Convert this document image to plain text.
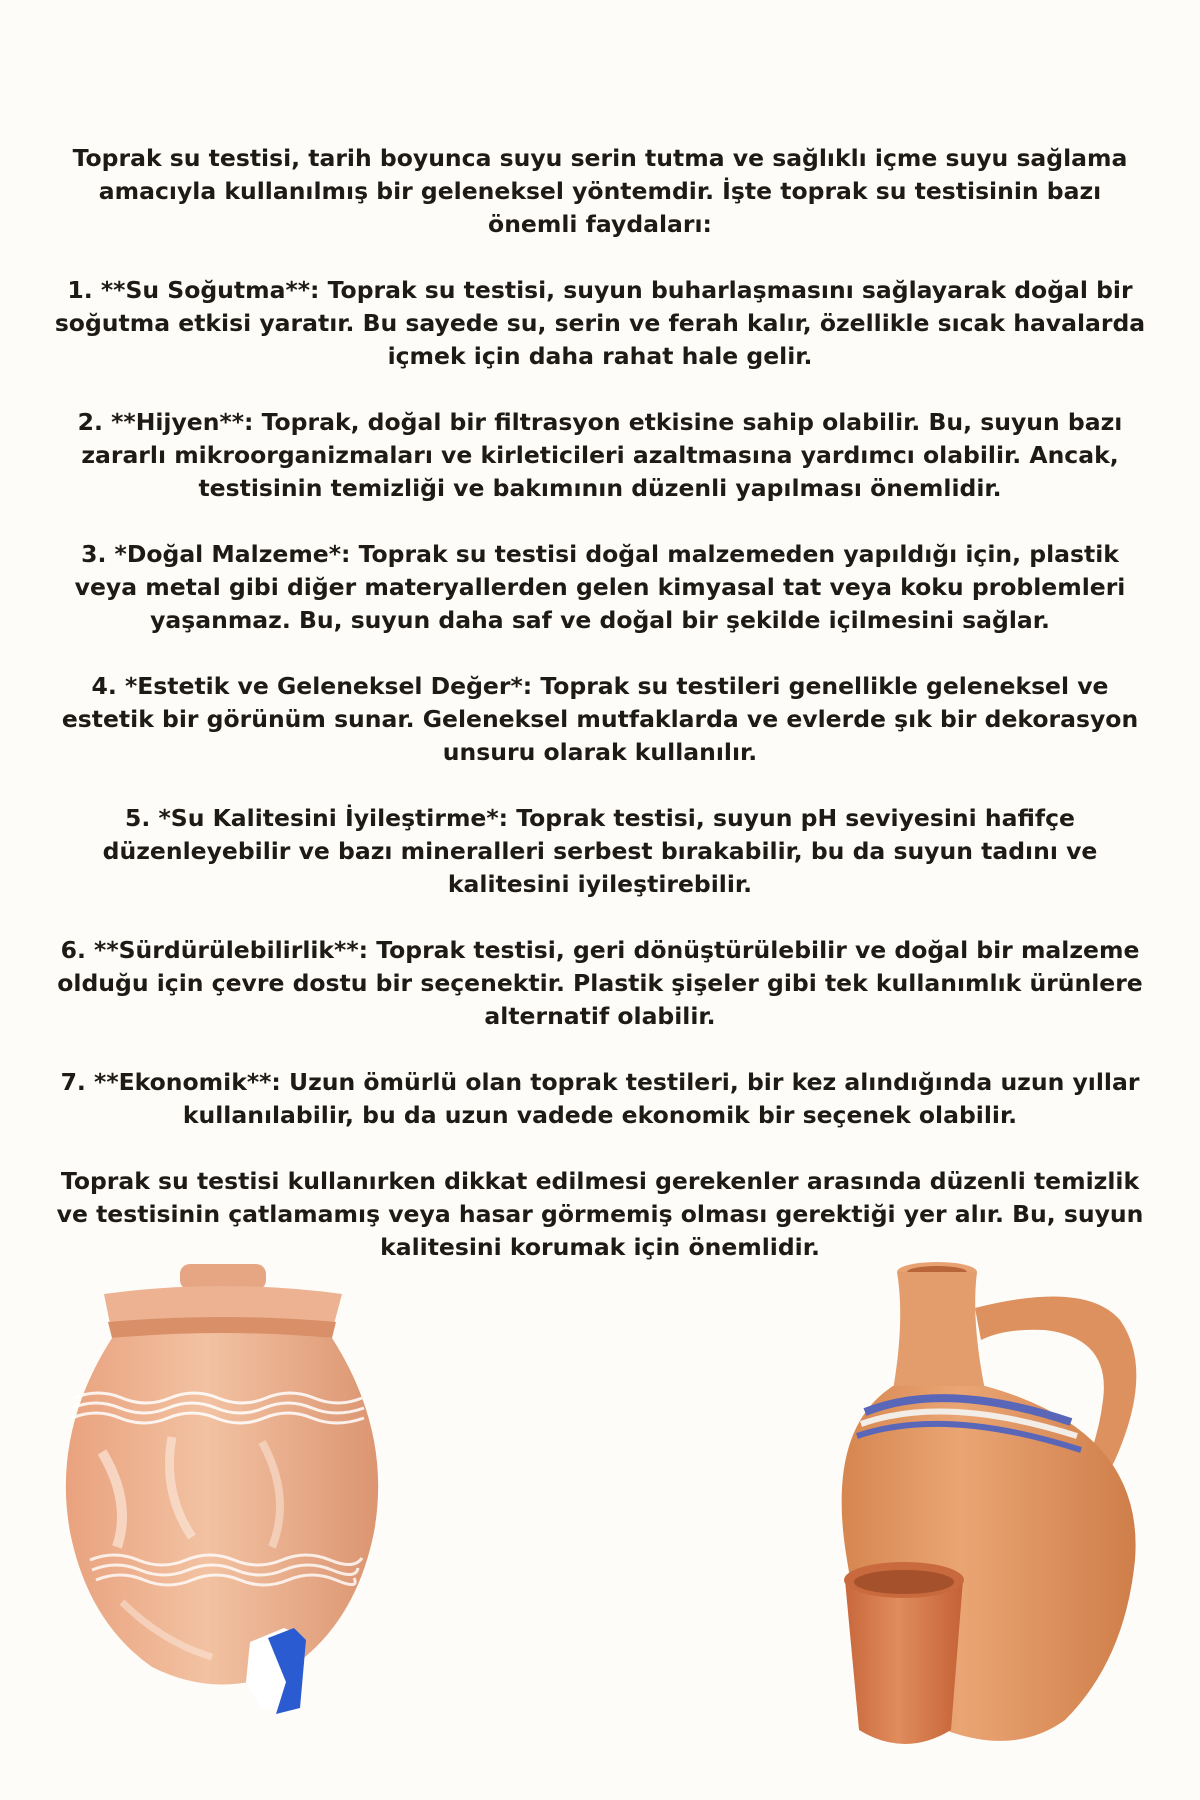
Toprak su testisi, tarih boyunca suyu serin tutma ve sağlıklı içme suyu sağlama amacıyla kullanılmış bir geleneksel yöntemdir. İşte toprak su testisinin bazı önemli faydaları:

1. **Su Soğutma**: Toprak su testisi, suyun buharlaşmasını sağlayarak doğal bir soğutma etkisi yaratır. Bu sayede su, serin ve ferah kalır, özellikle sıcak havalarda içmek için daha rahat hale gelir.

2. **Hijyen**: Toprak, doğal bir filtrasyon etkisine sahip olabilir. Bu, suyun bazı zararlı mikroorganizmaları ve kirleticileri azaltmasına yardımcı olabilir. Ancak, testisinin temizliği ve bakımının düzenli yapılması önemlidir.

3. *Doğal Malzeme*: Toprak su testisi doğal malzemeden yapıldığı için, plastik veya metal gibi diğer materyallerden gelen kimyasal tat veya koku problemleri yaşanmaz. Bu, suyun daha saf ve doğal bir şekilde içilmesini sağlar.

4. *Estetik ve Geleneksel Değer*: Toprak su testileri genellikle geleneksel ve estetik bir görünüm sunar. Geleneksel mutfaklarda ve evlerde şık bir dekorasyon unsuru olarak kullanılır.

5. *Su Kalitesini İyileştirme*: Toprak testisi, suyun pH seviyesini hafifçe düzenleyebilir ve bazı mineralleri serbest bırakabilir, bu da suyun tadını ve kalitesini iyileştirebilir.

6. **Sürdürülebilirlik**: Toprak testisi, geri dönüştürülebilir ve doğal bir malzeme olduğu için çevre dostu bir seçenektir. Plastik şişeler gibi tek kullanımlık ürünlere alternatif olabilir.

7. **Ekonomik**: Uzun ömürlü olan toprak testileri, bir kez alındığında uzun yıllar kullanılabilir, bu da uzun vadede ekonomik bir seçenek olabilir.

Toprak su testisi kullanırken dikkat edilmesi gerekenler arasında düzenli temizlik ve testisinin çatlamamış veya hasar görmemiş olması gerektiği yer alır. Bu, suyun kalitesini korumak için önemlidir.
